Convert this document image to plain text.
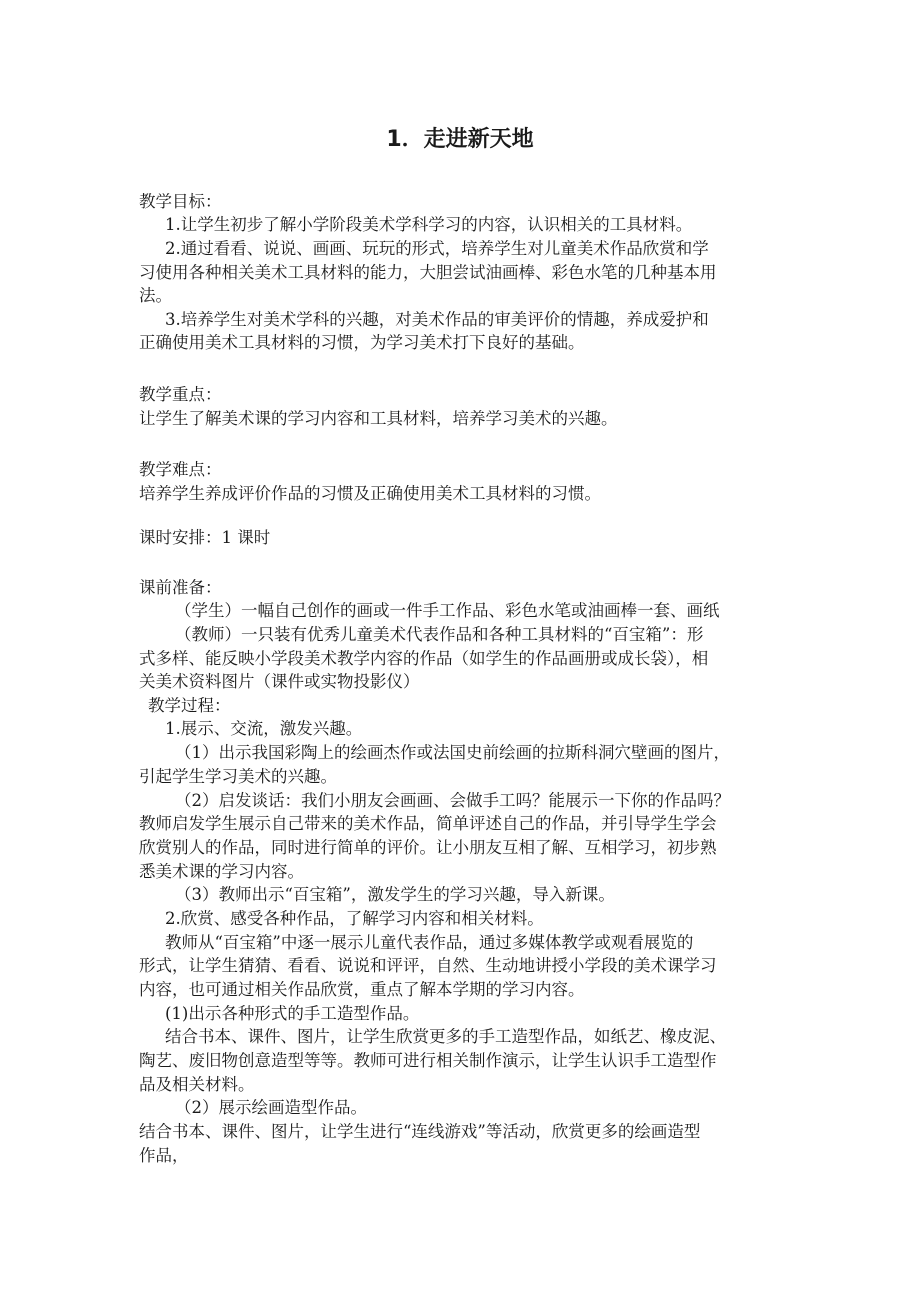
1．走进新天地
教学目标：
1.让学生初步了解小学阶段美术学科学习的内容，认识相关的工具材料。
2.通过看看、说说、画画、玩玩的形式，培养学生对儿童美术作品欣赏和学
习使用各种相关美术工具材料的能力，大胆尝试油画棒、彩色水笔的几种基本用
法。
3.培养学生对美术学科的兴趣，对美术作品的审美评价的情趣，养成爱护和
正确使用美术工具材料的习惯，为学习美术打下良好的基础。
教学重点：
让学生了解美术课的学习内容和工具材料，培养学习美术的兴趣。
教学难点：
培养学生养成评价作品的习惯及正确使用美术工具材料的习惯。
课时安排：1 课时
课前准备：
（学生）一幅自己创作的画或一件手工作品、彩色水笔或油画棒一套、画纸
（教师）一只装有优秀儿童美术代表作品和各种工具材料的“百宝箱”：形
式多样、能反映小学段美术教学内容的作品（如学生的作品画册或成长袋），相
关美术资料图片（课件或实物投影仪）
教学过程：
1.展示、交流，激发兴趣。
（1）出示我国彩陶上的绘画杰作或法国史前绘画的拉斯科洞穴壁画的图片，
引起学生学习美术的兴趣。
（2）启发谈话：我们小朋友会画画、会做手工吗？能展示一下你的作品吗？
教师启发学生展示自己带来的美术作品，简单评述自己的作品，并引导学生学会
欣赏别人的作品，同时进行简单的评价。让小朋友互相了解、互相学习，初步熟
悉美术课的学习内容。
（3）教师出示“百宝箱”，激发学生的学习兴趣，导入新课。
2.欣赏、感受各种作品，了解学习内容和相关材料。
教师从“百宝箱”中逐一展示儿童代表作品，通过多媒体教学或观看展览的
形式，让学生猜猜、看看、说说和评评，自然、生动地讲授小学段的美术课学习
内容，也可通过相关作品欣赏，重点了解本学期的学习内容。
(1)出示各种形式的手工造型作品。
结合书本、课件、图片，让学生欣赏更多的手工造型作品，如纸艺、橡皮泥、
陶艺、废旧物创意造型等等。教师可进行相关制作演示，让学生认识手工造型作
品及相关材料。
（2）展示绘画造型作品。
结合书本、课件、图片，让学生进行“连线游戏”等活动，欣赏更多的绘画造型
作品，
